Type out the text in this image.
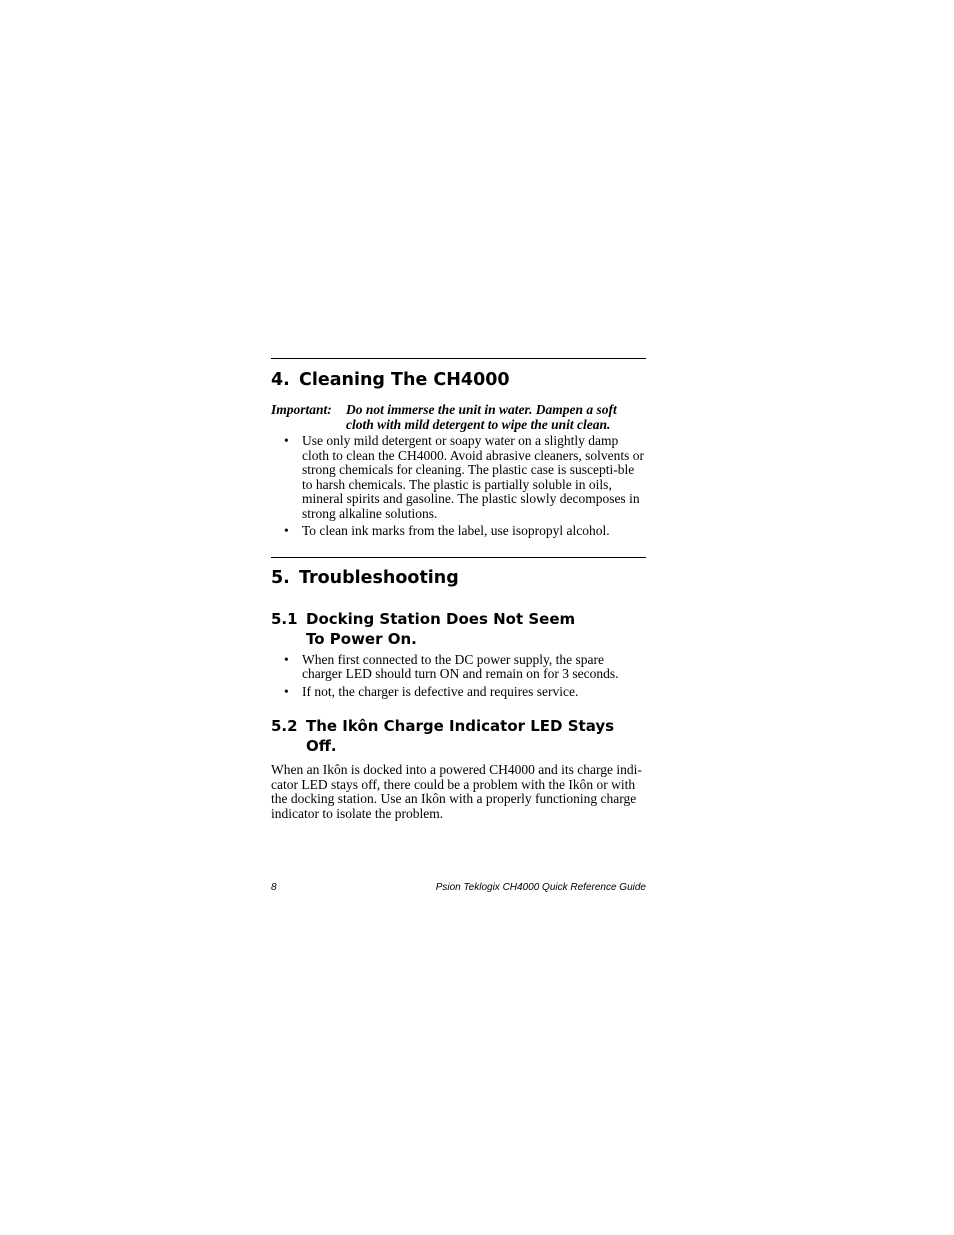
4. Cleaning The CH4000
Important:	Do not immerse the unit in water. Dampen a soft cloth with mild detergent to wipe the unit clean.
• Use only mild detergent or soapy water on a slightly damp cloth to clean the CH4000. Avoid abrasive cleaners, solvents or strong chemicals for cleaning. The plastic case is suscepti-ble to harsh chemicals. The plastic is partially soluble in oils, mineral spirits and gasoline. The plastic slowly decomposes in strong alkaline solutions.
• To clean ink marks from the label, use isopropyl alcohol.
5. Troubleshooting
5.1 Docking Station Does Not Seem To Power On.
• When first connected to the DC power supply, the spare charger LED should turn ON and remain on for 3 seconds.
• If not, the charger is defective and requires service.
5.2 The Ikôn Charge Indicator LED Stays Off.

When an Ikôn is docked into a powered CH4000 and its charge indi-cator LED stays off, there could be a problem with the Ikôn or with the docking station. Use an Ikôn with a properly functioning charge indicator to isolate the problem.

8	Psion Teklogix CH4000 Quick Reference Guide
